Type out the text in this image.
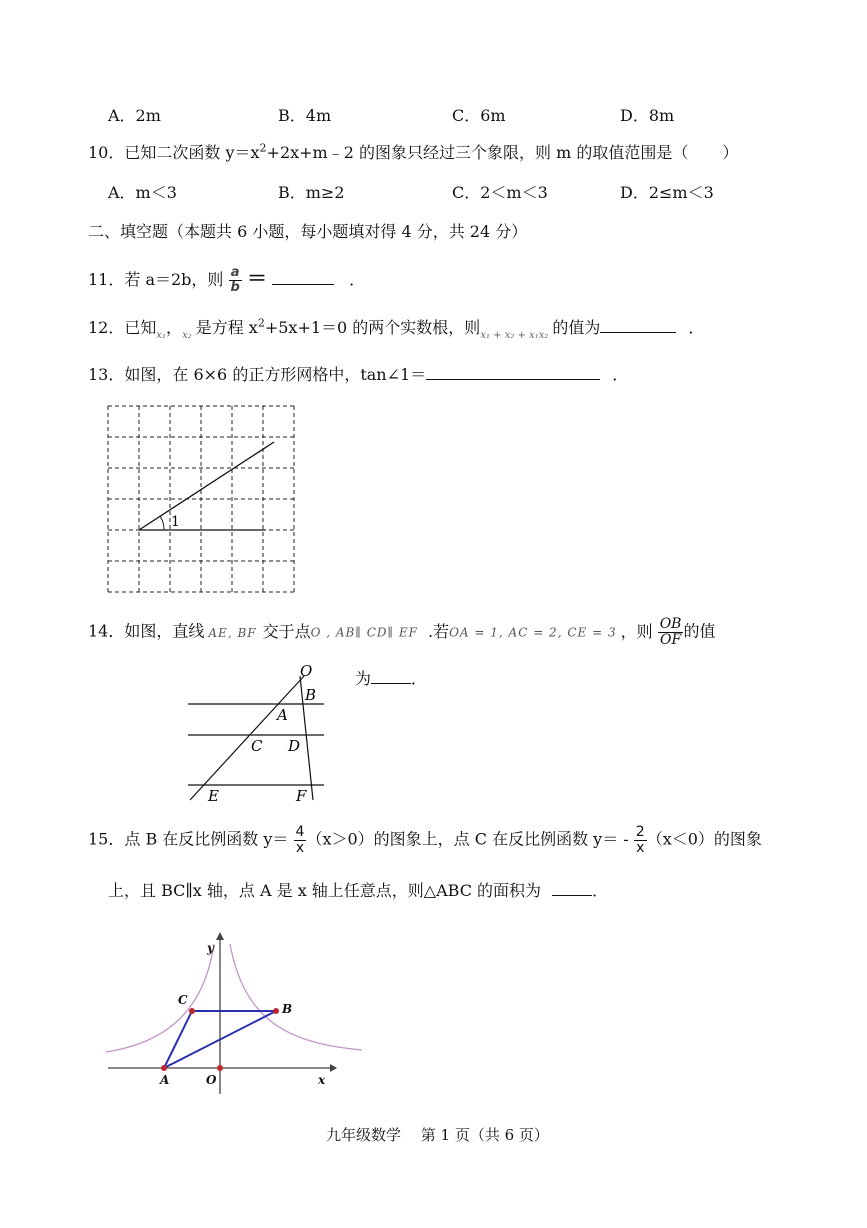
A．2m	B．4m	C．6m	D．8m
10．已知二次函数 $y=x^2+2x+m﹣2$ 的图象只经过三个象限，则 m 的取值范围是（ ）
A．m＜3	B．m≥2	C．2＜m＜3	D．2≤m＜3
二、填空题（本题共 6 小题，每小题填对得 4 分，共 24 分）
11．若 a＝2b，则 $\frac{a}{b}$ ＝	．
12．已知$_{x_1}$，$_{x_2}$ 是方程 $x^2+5x+1=0$ 的两个实数根，则$_{x_1 + x_2 + x_1x_2}$ 的值为	．
13．如图，在 6×6 的正方形网格中，tan∠1＝	．
1
14．如图，直线 AE, BF 交于点O , AB∥ CD∥ EF .若OA = 1, AC = 2, CE = 3 ，则 $\frac{OB}{OF}$ 的值
为	．
O
B
A
C D
E	F
15．点 B 在反比例函数 $y= \frac{4}{x} (x>0)$的图象上，点 C 在反比例函数 $y= - \frac{2}{x} (x<0)$的图象
上，且 BC∥x 轴，点 A 是 x 轴上任意点，则△ABC 的面积为	．
y
x
C
B
A	O
九年级数学　 第 1 页（共 6 页）
